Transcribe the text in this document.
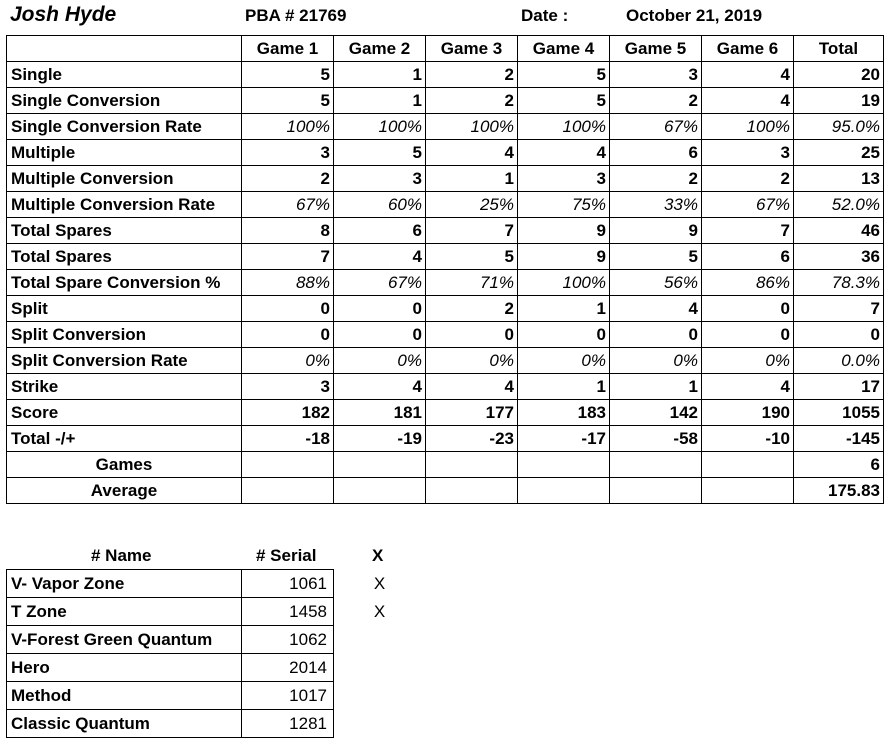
Josh Hyde	PBA # 21769	Date :	October 21, 2019
	Game 1	Game 2	Game 3	Game 4	Game 5	Game 6	Total
Single	5	1	2	5	3	4	20
Single Conversion	5	1	2	5	2	4	19
Single Conversion Rate	100%	100%	100%	100%	67%	100%	95.0%
Multiple	3	5	4	4	6	3	25
Multiple Conversion	2	3	1	3	2	2	13
Multiple Conversion Rate	67%	60%	25%	75%	33%	67%	52.0%
Total Spares	8	6	7	9	9	7	46
Total Spares	7	4	5	9	5	6	36
Total Spare Conversion %	88%	67%	71%	100%	56%	86%	78.3%
Split	0	0	2	1	4	0	7
Split Conversion	0	0	0	0	0	0	0
Split Conversion Rate	0%	0%	0%	0%	0%	0%	0.0%
Strike	3	4	4	1	1	4	17
Score	182	181	177	183	142	190	1055
Total -/+	-18	-19	-23	-17	-58	-10	-145
Games							6
Average							175.83
# Name	# Serial	X
V- Vapor Zone	1061	X
T Zone	1458	X
V-Forest Green Quantum	1062	
Hero	2014	
Method	1017	
Classic Quantum	1281	
